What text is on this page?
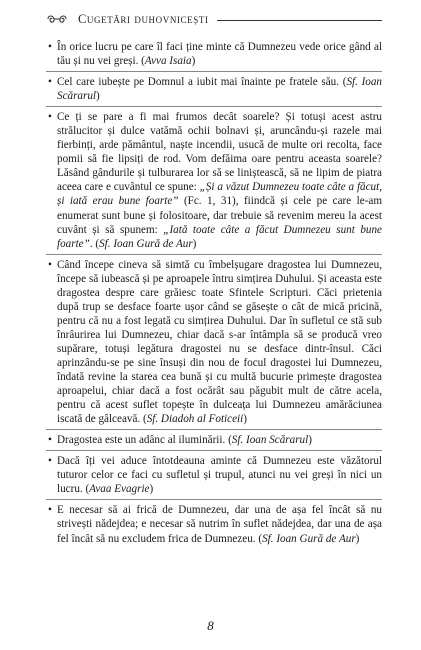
Cugetări duhovnicești

• În orice lucru pe care îl faci ține minte că Dumnezeu vede orice gând al tău și nu vei greși. (Avva Isaia)

• Cel care iubește pe Domnul a iubit mai înainte pe fratele său. (Sf. Ioan Scărarul)

• Ce ți se pare a fi mai frumos decât soarele? Și totuși acest astru strălucitor și dulce vatămă ochii bolnavi și, aruncându-și razele mai fierbinți, arde pământul, naște incendii, usucă de multe ori recolta, face pomii să fie lipsiți de rod. Vom defăima oare pentru aceasta soarele? Lăsând gândurile și tulburarea lor să se liniștească, să ne lipim de piatra aceea care e cuvântul ce spune: „Și a văzut Dumnezeu toate câte a făcut, și iată erau bune foarte” (Fc. 1, 31), fiindcă și cele pe care le-am enumerat sunt bune și folositoare, dar trebuie să revenim mereu la acest cuvânt și să spunem: „Iată toate câte a făcut Dumnezeu sunt bune foarte”. (Sf. Ioan Gură de Aur)

• Când începe cineva să simtă cu îmbelșugare dragostea lui Dumnezeu, începe să iubească și pe aproapele întru simțirea Duhului. Și aceasta este dragostea despre care grăiesc toate Sfintele Scripturi. Căci prietenia după trup se desface foarte ușor când se găsește o cât de mică pricină, pentru că nu a fost legată cu simțirea Duhului. Dar în sufletul ce stă sub înrâurirea lui Dumnezeu, chiar dacă s-ar întâmpla să se producă vreo supărare, totuși legătura dragostei nu se desface dintr-însul. Căci aprinzându-se pe sine însuși din nou de focul dragostei lui Dumnezeu, îndată revine la starea cea bună și cu multă bucurie primește dragostea aproapelui, chiar dacă a fost ocărât sau păgubit mult de către acela, pentru că acest suflet topește în dulceața lui Dumnezeu amărăciunea iscată de gâlceavă. (Sf. Diadoh al Foticeii)

• Dragostea este un adânc al iluminării. (Sf. Ioan Scărarul)

• Dacă îți vei aduce întotdeauna aminte că Dumnezeu este văzătorul tuturor celor ce faci cu sufletul și trupul, atunci nu vei greși în nici un lucru. (Avaa Evagrie)

• E necesar să ai frică de Dumnezeu, dar una de așa fel încât să nu strivești nădejdea; e necesar să nutrim în suflet nădejdea, dar una de așa fel încât să nu excludem frica de Dumnezeu. (Sf. Ioan Gură de Aur)

8
